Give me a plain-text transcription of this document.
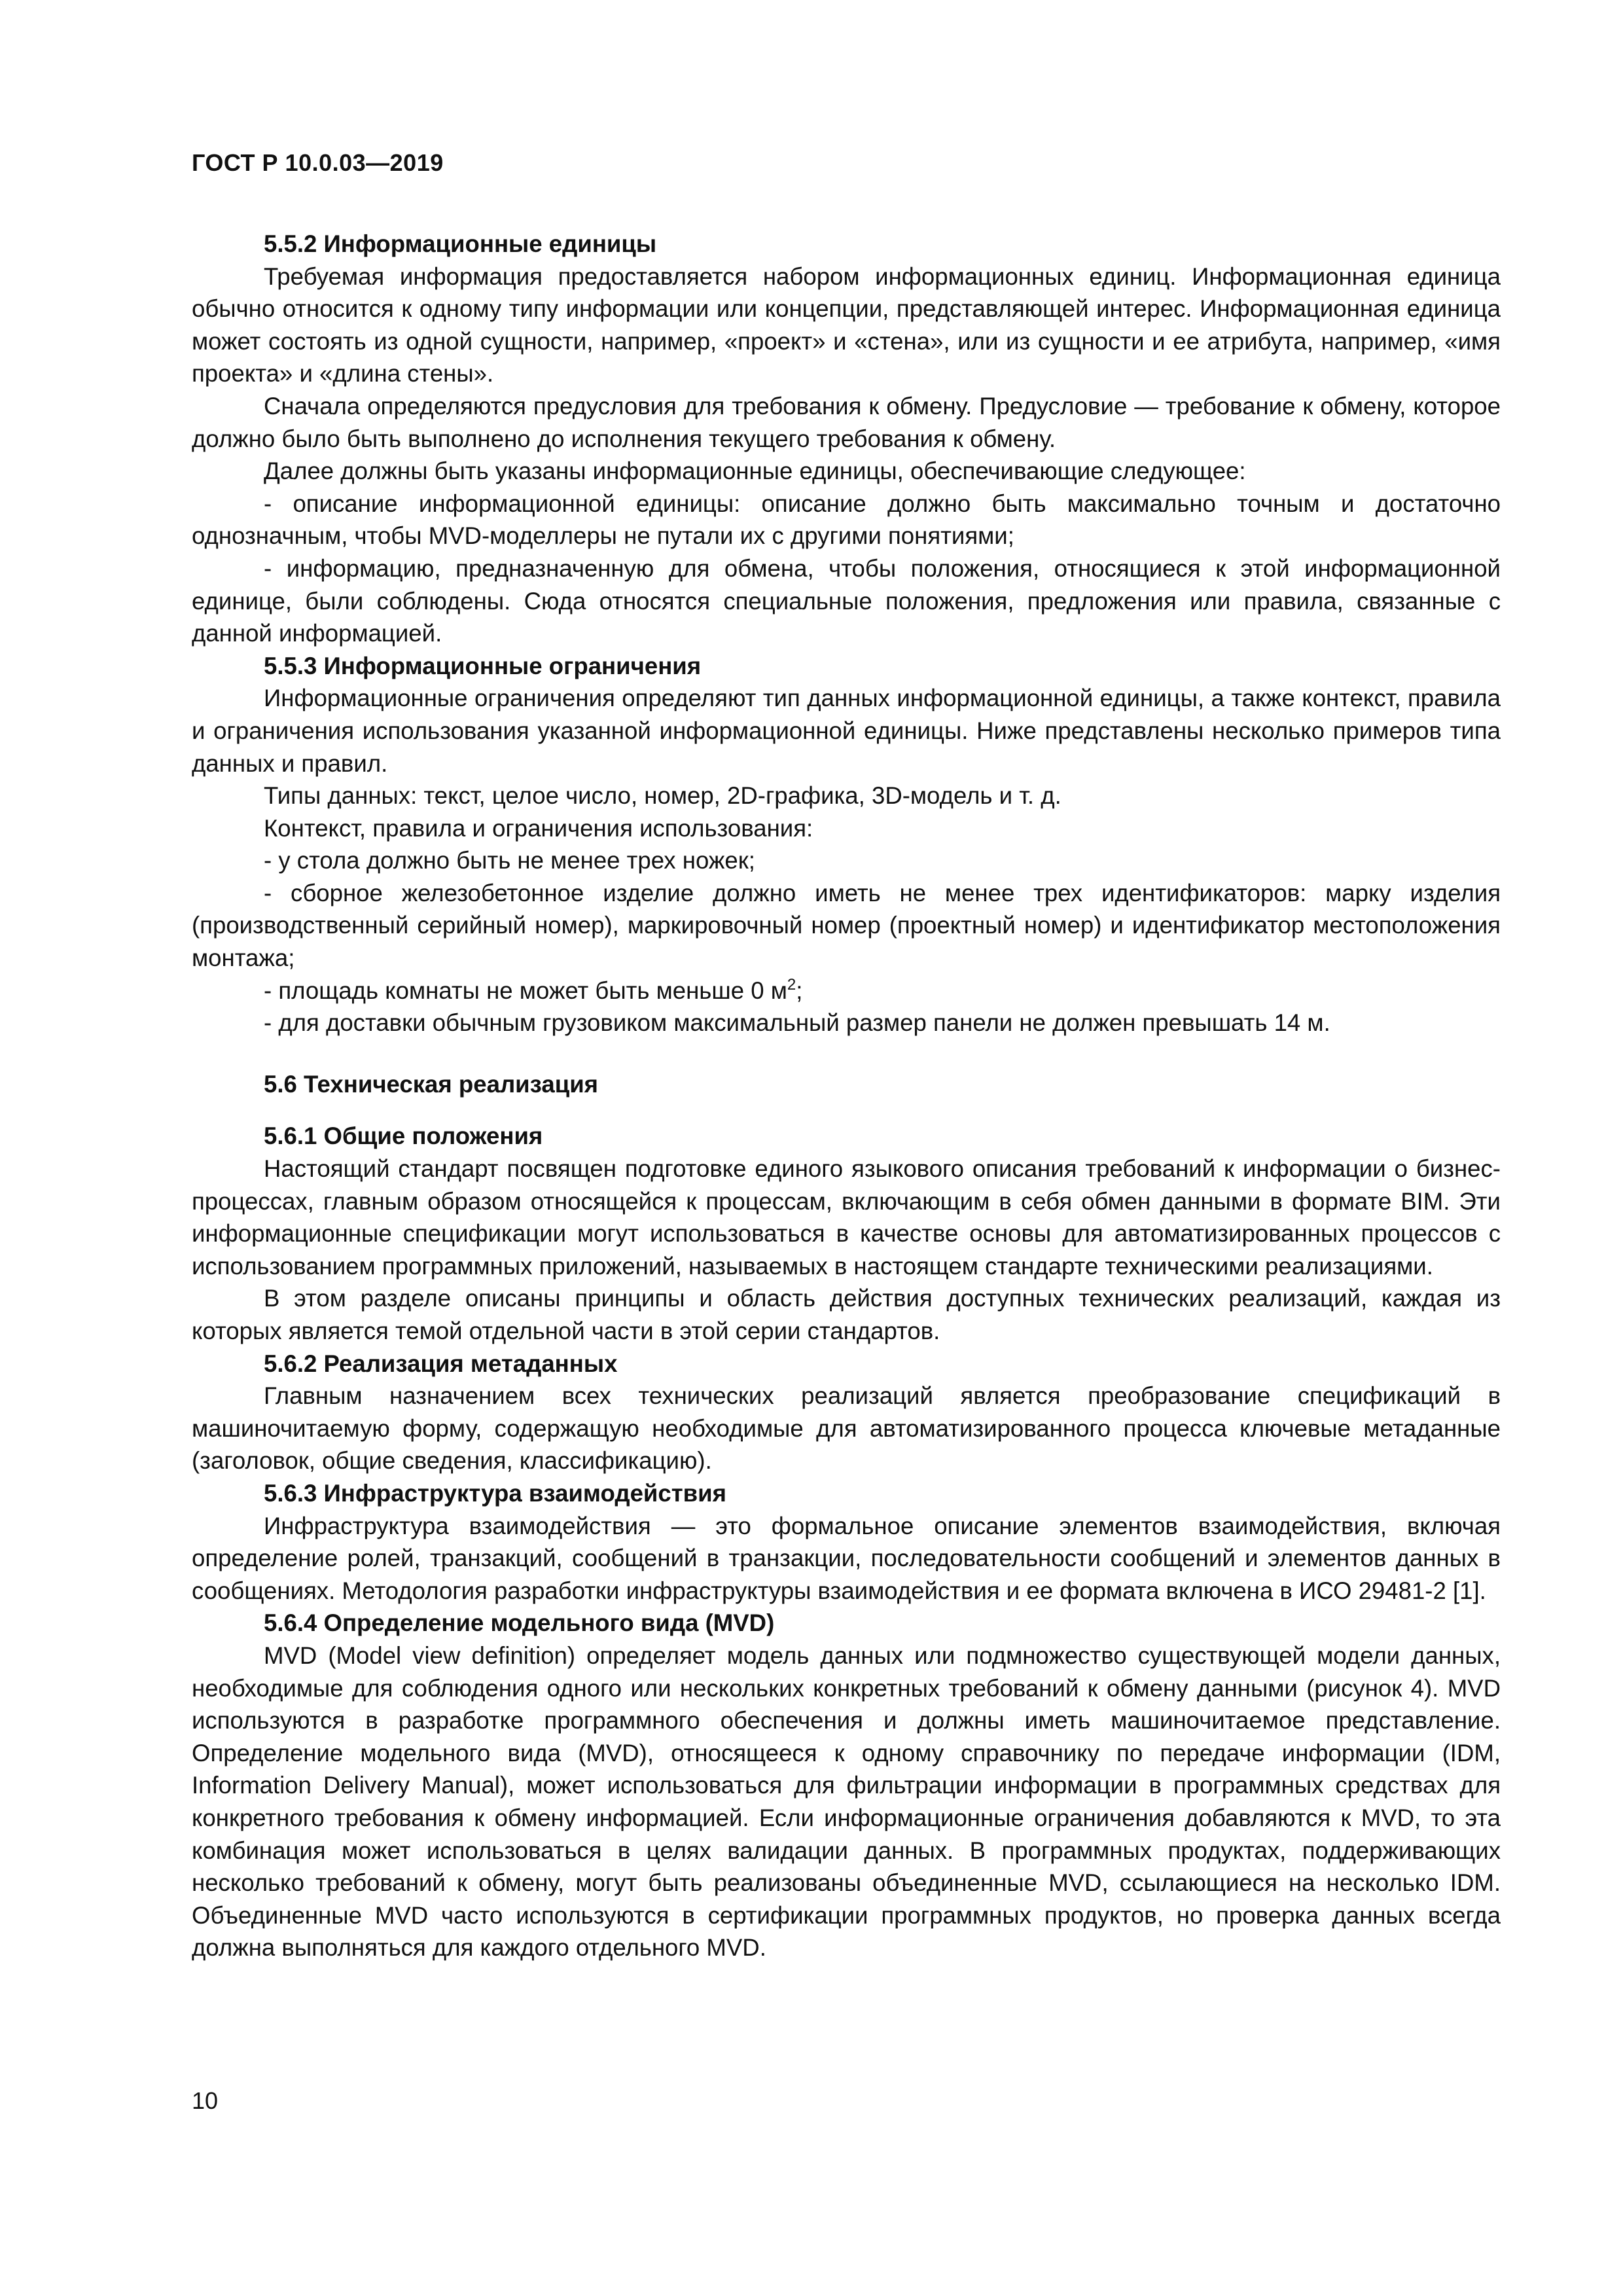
ГОСТ Р 10.0.03—2019

5.5.2 Информационные единицы

Требуемая информация предоставляется набором информационных единиц. Информационная единица обычно относится к одному типу информации или концепции, представляющей интерес. Информационная единица может состоять из одной сущности, например, «проект» и «стена», или из сущности и ее атрибута, например, «имя проекта» и «длина стены».

Сначала определяются предусловия для требования к обмену. Предусловие — требование к обмену, которое должно было быть выполнено до исполнения текущего требования к обмену.

Далее должны быть указаны информационные единицы, обеспечивающие следующее:

- описание информационной единицы: описание должно быть максимально точным и достаточно однозначным, чтобы MVD-моделлеры не путали их с другими понятиями;

- информацию, предназначенную для обмена, чтобы положения, относящиеся к этой информационной единице, были соблюдены. Сюда относятся специальные положения, предложения или правила, связанные с данной информацией.

5.5.3 Информационные ограничения

Информационные ограничения определяют тип данных информационной единицы, а также контекст, правила и ограничения использования указанной информационной единицы. Ниже представлены несколько примеров типа данных и правил.

Типы данных: текст, целое число, номер, 2D-графика, 3D-модель и т. д.

Контекст, правила и ограничения использования:

- у стола должно быть не менее трех ножек;

- сборное железобетонное изделие должно иметь не менее трех идентификаторов: марку изделия (производственный серийный номер), маркировочный номер (проектный номер) и идентификатор местоположения монтажа;

- площадь комнаты не может быть меньше 0 $м^2$;

- для доставки обычным грузовиком максимальный размер панели не должен превышать 14 м.

5.6 Техническая реализация

5.6.1 Общие положения

Настоящий стандарт посвящен подготовке единого языкового описания требований к информации о бизнес-процессах, главным образом относящейся к процессам, включающим в себя обмен данными в формате BIM. Эти информационные спецификации могут использоваться в качестве основы для автоматизированных процессов с использованием программных приложений, называемых в настоящем стандарте техническими реализациями.

В этом разделе описаны принципы и область действия доступных технических реализаций, каждая из которых является темой отдельной части в этой серии стандартов.

5.6.2 Реализация метаданных

Главным назначением всех технических реализаций является преобразование спецификаций в машиночитаемую форму, содержащую необходимые для автоматизированного процесса ключевые метаданные (заголовок, общие сведения, классификацию).

5.6.3 Инфраструктура взаимодействия

Инфраструктура взаимодействия — это формальное описание элементов взаимодействия, включая определение ролей, транзакций, сообщений в транзакции, последовательности сообщений и элементов данных в сообщениях. Методология разработки инфраструктуры взаимодействия и ее формата включена в ИСО 29481-2 [1].

5.6.4 Определение модельного вида (MVD)

MVD (Model view definition) определяет модель данных или подмножество существующей модели данных, необходимые для соблюдения одного или нескольких конкретных требований к обмену данными (рисунок 4). MVD используются в разработке программного обеспечения и должны иметь машиночитаемое представление. Определение модельного вида (MVD), относящееся к одному справочнику по передаче информации (IDM, Information Delivery Manual), может использоваться для фильтрации информации в программных средствах для конкретного требования к обмену информацией. Если информационные ограничения добавляются к MVD, то эта комбинация может использоваться в целях валидации данных. В программных продуктах, поддерживающих несколько требований к обмену, могут быть реализованы объединенные MVD, ссылающиеся на несколько IDM. Объединенные MVD часто используются в сертификации программных продуктов, но проверка данных всегда должна выполняться для каждого отдельного MVD.

10
